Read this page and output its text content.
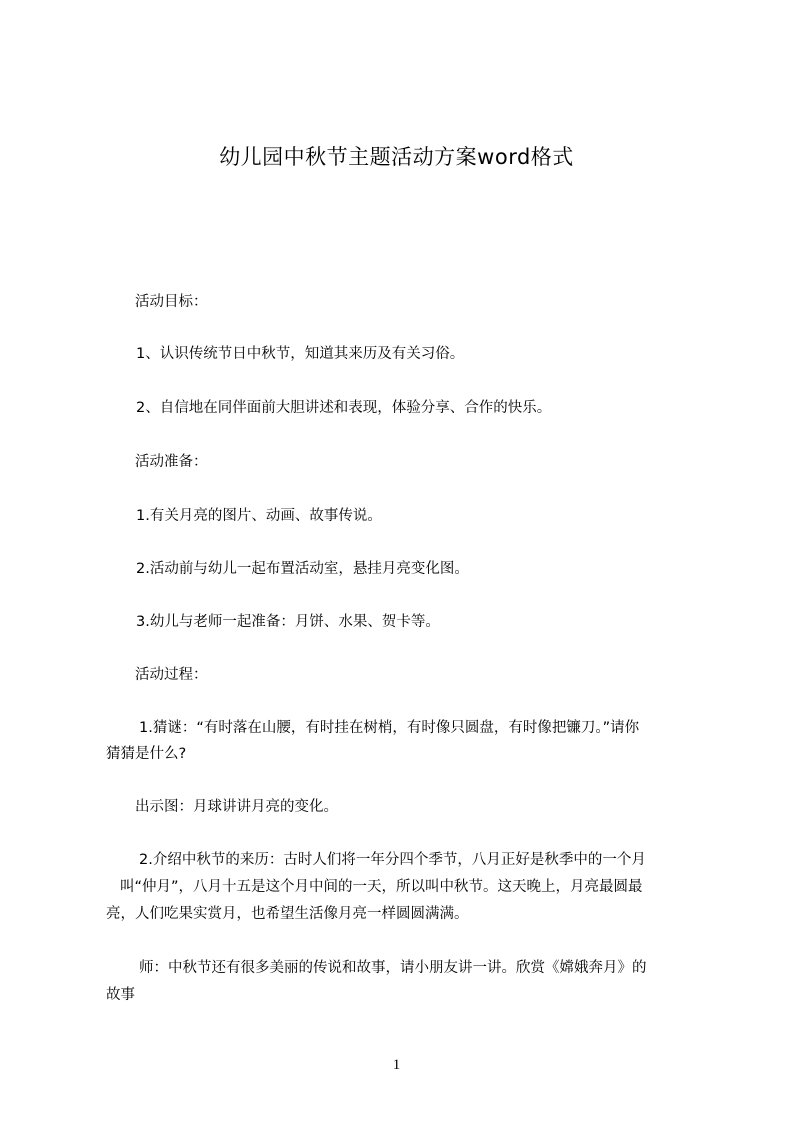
幼儿园中秋节主题活动方案word格式
　　活动目标：
1、认识传统节日中秋节，知道其来历及有关习俗。
2、自信地在同伴面前大胆讲述和表现，体验分享、合作的快乐。
　　活动准备：
1.有关月亮的图片、动画、故事传说。
2.活动前与幼儿一起布置活动室，悬挂月亮变化图。
3.幼儿与老师一起准备：月饼、水果、贺卡等。
　　活动过程：
1.猜谜：“有时落在山腰，有时挂在树梢，有时像只圆盘，有时像把镰刀。”请你
猜猜是什么?
　　出示图：月球讲讲月亮的变化。
2.介绍中秋节的来历：古时人们将一年分四个季节，八月正好是秋季中的一个月
叫“仲月”，八月十五是这个月中间的一天，所以叫中秋节。这天晚上，月亮最圆最
亮，人们吃果实赏月，也希望生活像月亮一样圆圆满满。
师：中秋节还有很多美丽的传说和故事，请小朋友讲一讲。欣赏《嫦娥奔月》的
故事
1
